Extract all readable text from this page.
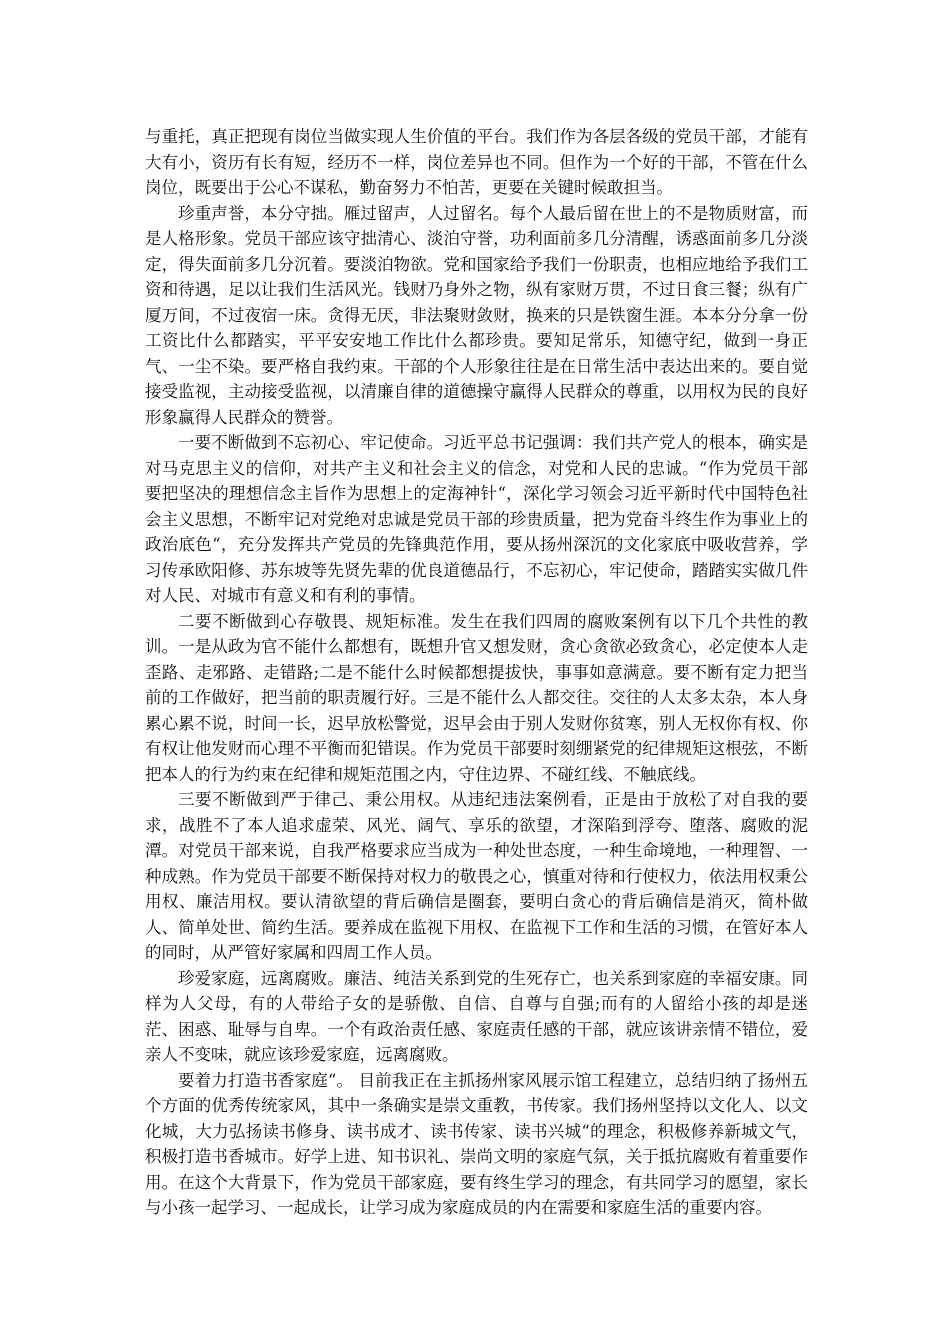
与重托，真正把现有岗位当做实现人生价值的平台。我们作为各层各级的党员干部，才能有大有小，资历有长有短，经历不一样，岗位差异也不同。但作为一个好的干部，不管在什么岗位，既要出于公心不谋私，勤奋努力不怕苦，更要在关键时候敢担当。

珍重声誉，本分守拙。雁过留声，人过留名。每个人最后留在世上的不是物质财富，而是人格形象。党员干部应该守拙清心、淡泊守誉，功利面前多几分清醒，诱惑面前多几分淡定，得失面前多几分沉着。要淡泊物欲。党和国家给予我们一份职责，也相应地给予我们工资和待遇，足以让我们生活风光。钱财乃身外之物，纵有家财万贯，不过日食三餐；纵有广厦万间，不过夜宿一床。贪得无厌，非法聚财敛财，换来的只是铁窗生涯。本本分分拿一份工资比什么都踏实，平平安安地工作比什么都珍贵。要知足常乐，知德守纪，做到一身正气、一尘不染。要严格自我约束。干部的个人形象往往是在日常生活中表达出来的。要自觉接受监视，主动接受监视，以清廉自律的道德操守赢得人民群众的尊重，以用权为民的良好形象赢得人民群众的赞誉。

一要不断做到不忘初心、牢记使命。习近平总书记强调：我们共产党人的根本，确实是对马克思主义的信仰，对共产主义和社会主义的信念，对党和人民的忠诚。“作为党员干部要把坚决的理想信念主旨作为思想上的定海神针“，深化学习领会习近平新时代中国特色社会主义思想，不断牢记对党绝对忠诚是党员干部的珍贵质量，把为党奋斗终生作为事业上的政治底色“，充分发挥共产党员的先锋典范作用，要从扬州深沉的文化家底中吸收营养，学习传承欧阳修、苏东坡等先贤先辈的优良道德品行，不忘初心，牢记使命，踏踏实实做几件对人民、对城市有意义和有利的事情。

二要不断做到心存敬畏、规矩标准。发生在我们四周的腐败案例有以下几个共性的教训。一是从政为官不能什么都想有，既想升官又想发财，贪心贪欲必致贪心，必定使本人走歪路、走邪路、走错路;二是不能什么时候都想提拔快，事事如意满意。要不断有定力把当前的工作做好，把当前的职责履行好。三是不能什么人都交往。交往的人太多太杂，本人身累心累不说，时间一长，迟早放松警觉，迟早会由于别人发财你贫寒，别人无权你有权、你有权让他发财而心理不平衡而犯错误。作为党员干部要时刻绷紧党的纪律规矩这根弦，不断把本人的行为约束在纪律和规矩范围之内，守住边界、不碰红线、不触底线。

三要不断做到严于律己、秉公用权。从违纪违法案例看，正是由于放松了对自我的要求，战胜不了本人追求虚荣、风光、阔气、享乐的欲望，才深陷到浮夸、堕落、腐败的泥潭。对党员干部来说，自我严格要求应当成为一种处世态度，一种生命境地，一种理智、一种成熟。作为党员干部要不断保持对权力的敬畏之心，慎重对待和行使权力，依法用权秉公用权、廉洁用权。要认清欲望的背后确信是圈套，要明白贪心的背后确信是消灭，简朴做人、简单处世、简约生活。要养成在监视下用权、在监视下工作和生活的习惯，在管好本人的同时，从严管好家属和四周工作人员。

珍爱家庭，远离腐败。廉洁、纯洁关系到党的生死存亡，也关系到家庭的幸福安康。同样为人父母，有的人带给子女的是骄傲、自信、自尊与自强;而有的人留给小孩的却是迷茫、困惑、耻辱与自卑。一个有政治责任感、家庭责任感的干部，就应该讲亲情不错位，爱亲人不变味，就应该珍爱家庭，远离腐败。

要着力打造书香家庭“。 目前我正在主抓扬州家风展示馆工程建立，总结归纳了扬州五个方面的优秀传统家风，其中一条确实是崇文重教，书传家。我们扬州坚持以文化人、以文化城，大力弘扬读书修身、读书成才、读书传家、读书兴城“的理念，积极修养新城文气，积极打造书香城市。好学上进、知书识礼、崇尚文明的家庭气氛，关于抵抗腐败有着重要作用。在这个大背景下，作为党员干部家庭，要有终生学习的理念，有共同学习的愿望，家长与小孩一起学习、一起成长，让学习成为家庭成员的内在需要和家庭生活的重要内容。
